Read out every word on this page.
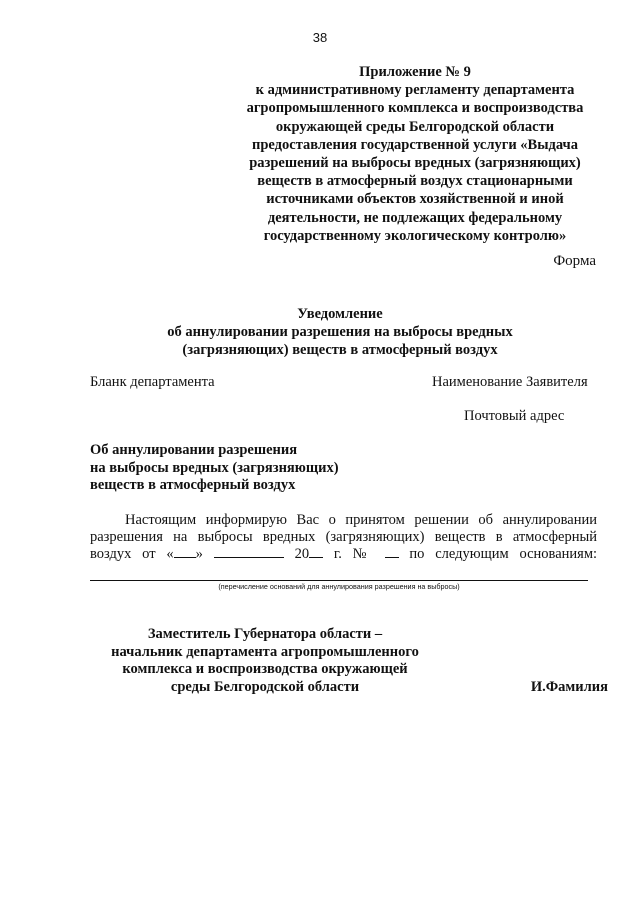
38
Приложение № 9
к административному регламенту департамента
агропромышленного комплекса и воспроизводства
окружающей среды Белгородской области
предоставления государственной услуги «Выдача
разрешений на выбросы вредных (загрязняющих)
веществ в атмосферный воздух стационарными
источниками объектов хозяйственной и иной
деятельности, не подлежащих федеральному
государственному экологическому контролю»
Форма
Уведомление
об аннулировании разрешения на выбросы вредных
(загрязняющих) веществ в атмосферный воздух
Бланк департамента	Наименование Заявителя
Почтовый адрес
Об аннулировании разрешения
на выбросы вредных (загрязняющих)
веществ в атмосферный воздух
Настоящим информирую Вас о принятом решении об аннулировании
разрешения на выбросы вредных (загрязняющих) веществ в атмосферный
воздух от « »	20 г. № по следующим основаниям:
(перечисление оснований для аннулирования разрешения на выбросы)
Заместитель Губернатора области –
начальник департамента агропромышленного
комплекса и воспроизводства окружающей
среды Белгородской области	И.Фамилия
